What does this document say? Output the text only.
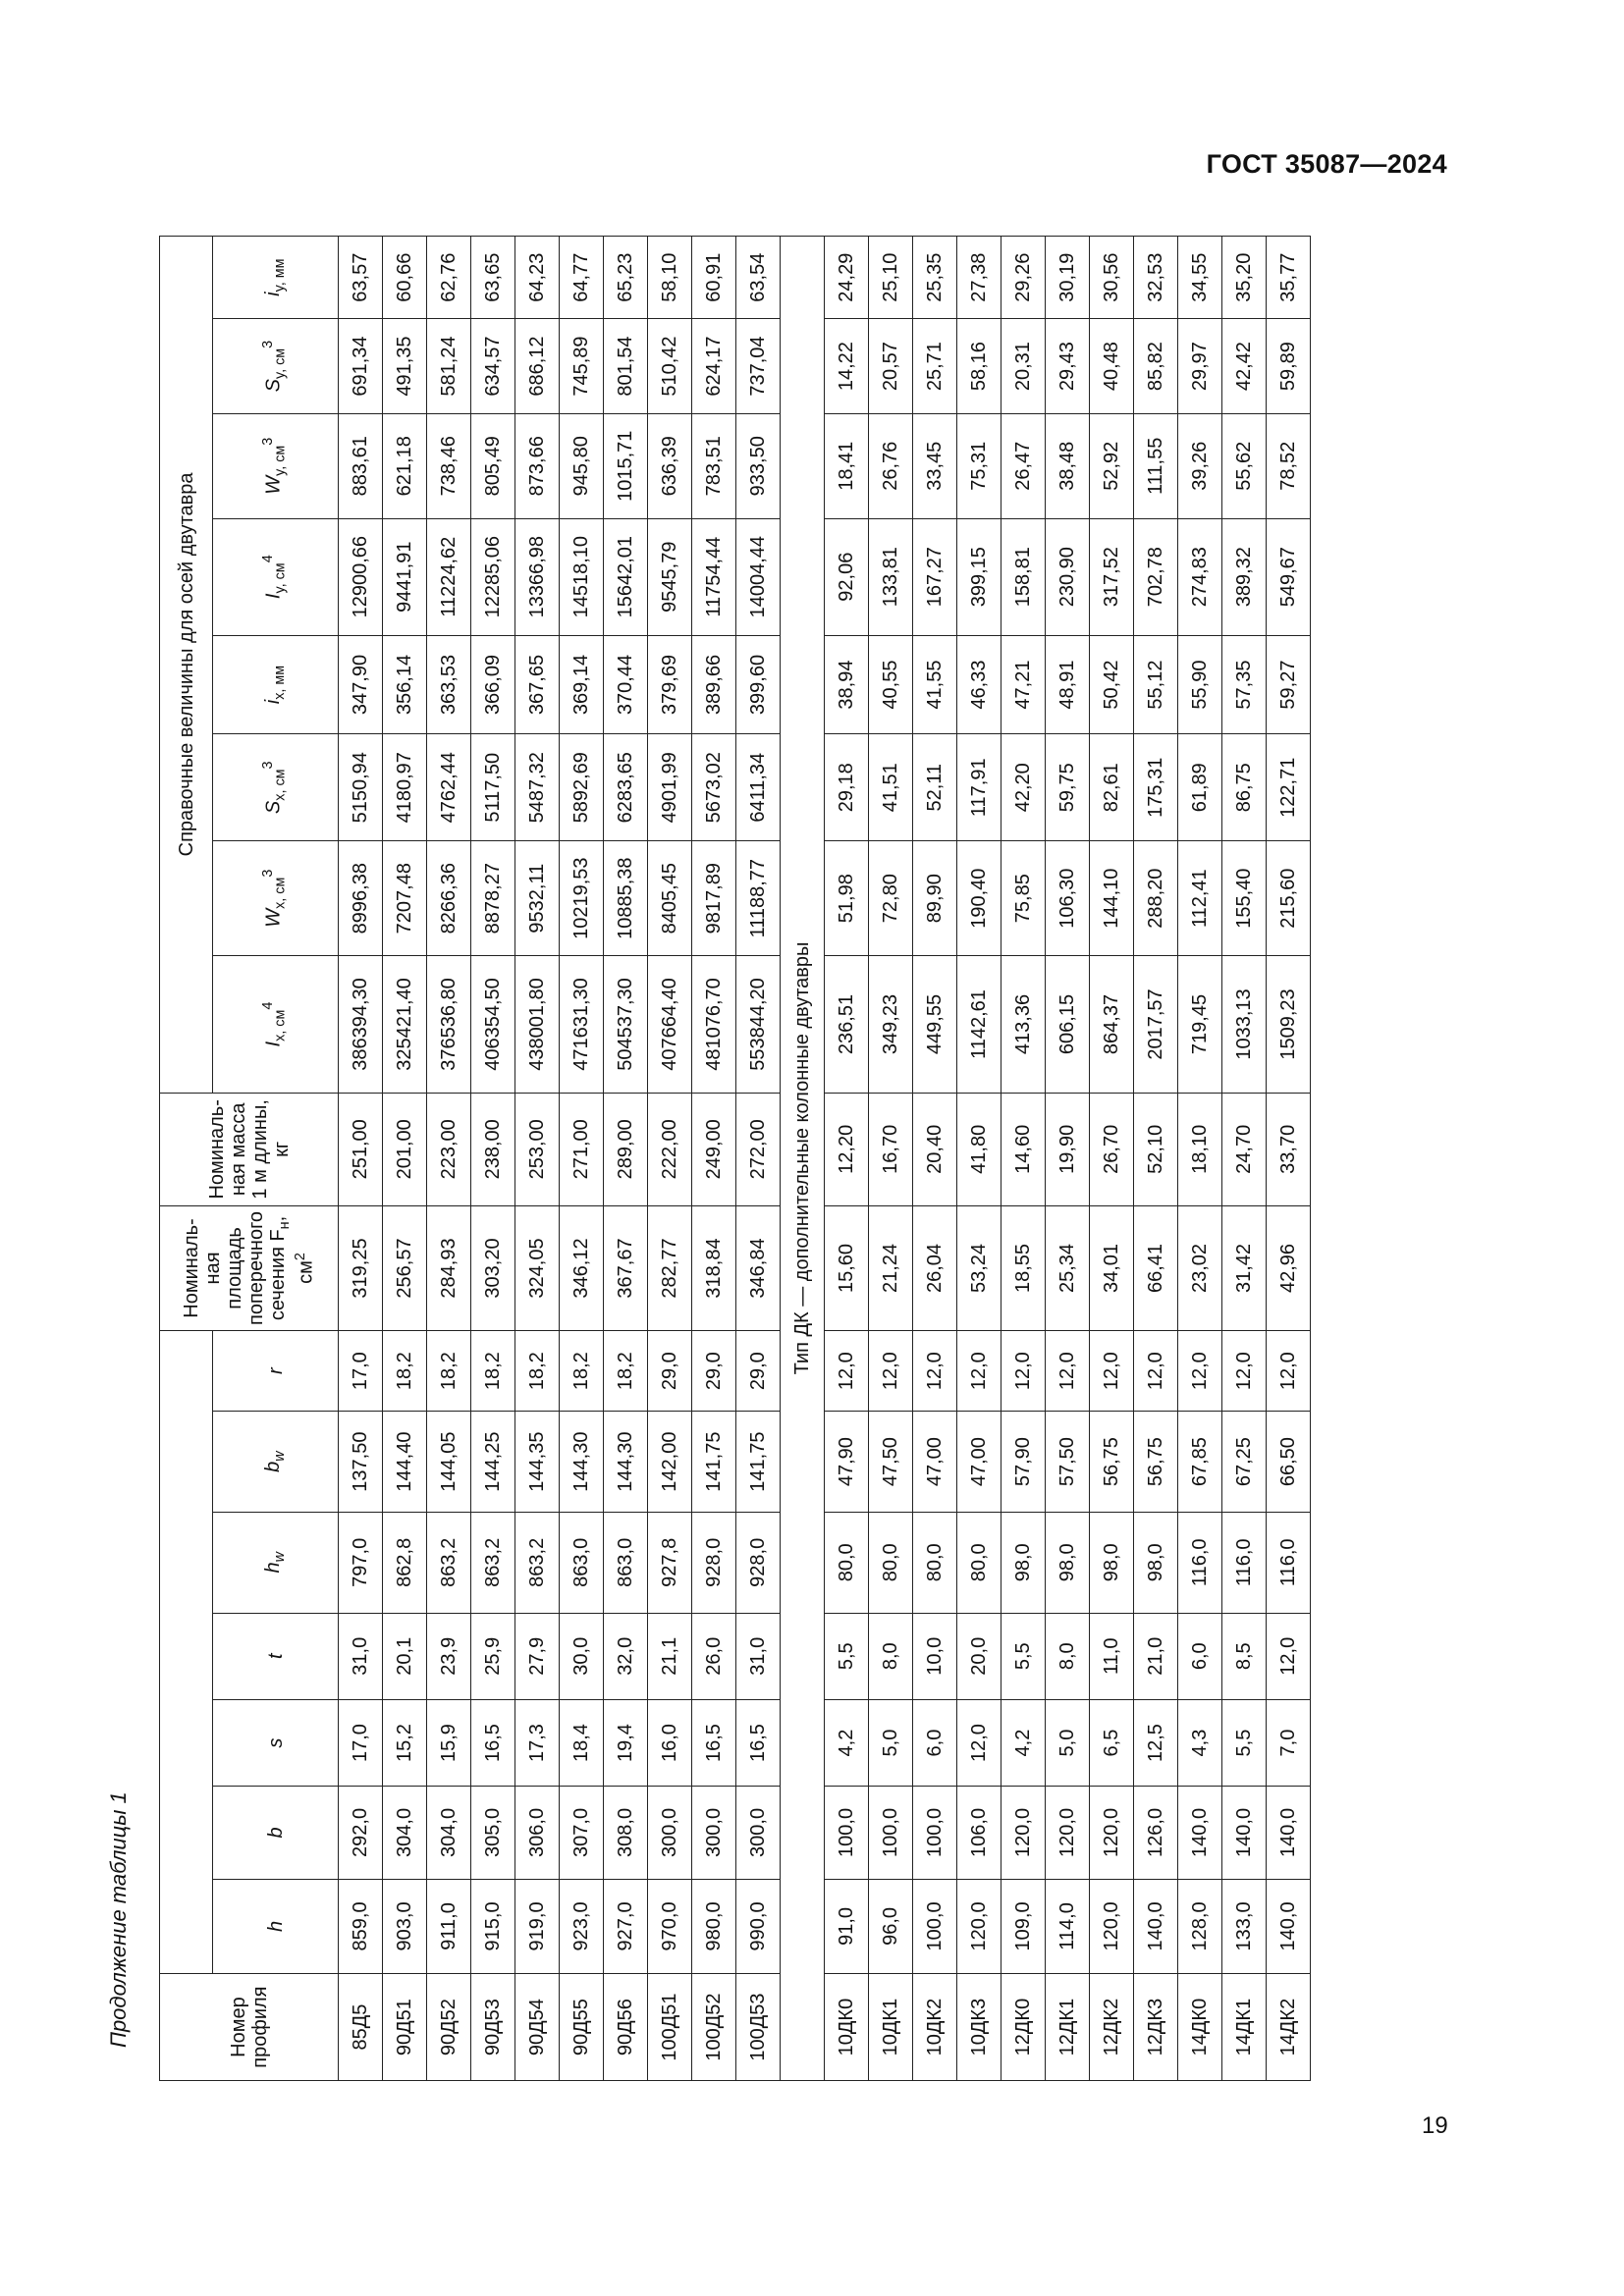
ГОСТ 35087—2024
Продолжение таблицы 1	Номер профиля								Номинальная площадь поперечного сечения $F_н$, $см^2$	Номинальная масса 1 м длины, кг	Справочные величины для осей двутавра							
	h	b	s	t	$h_w$	$b_w$	r			$I_{x, см}^4$	$W_{x, см}^3$	$S_{x, см}^3$	$i_{x, мм}$	$I_{y, см}^4$	$W_{y, см}^3$	$S_{y, см}^3$	$i_{y, мм}$
85Д5	859,0	292,0	17,0	31,0	797,0	137,50	17,0	319,25	251,00	386394,30	8996,38	5150,94	347,90	12900,66	883,61	691,34	63,57
90Д51	903,0	304,0	15,2	20,1	862,8	144,40	18,2	256,57	201,00	325421,40	7207,48	4180,97	356,14	9441,91	621,18	491,35	60,66
90Д52	911,0	304,0	15,9	23,9	863,2	144,05	18,2	284,93	223,00	376536,80	8266,36	4762,44	363,53	11224,62	738,46	581,24	62,76
90Д53	915,0	305,0	16,5	25,9	863,2	144,25	18,2	303,20	238,00	406354,50	8878,27	5117,50	366,09	12285,06	805,49	634,57	63,65
90Д54	919,0	306,0	17,3	27,9	863,2	144,35	18,2	324,05	253,00	438001,80	9532,11	5487,32	367,65	13366,98	873,66	686,12	64,23
90Д55	923,0	307,0	18,4	30,0	863,0	144,30	18,2	346,12	271,00	471631,30	10219,53	5892,69	369,14	14518,10	945,80	745,89	64,77
90Д56	927,0	308,0	19,4	32,0	863,0	144,30	18,2	367,67	289,00	504537,30	10885,38	6283,65	370,44	15642,01	1015,71	801,54	65,23
100Д51	970,0	300,0	16,0	21,1	927,8	142,00	29,0	282,77	222,00	407664,40	8405,45	4901,99	379,69	9545,79	636,39	510,42	58,10
100Д52	980,0	300,0	16,5	26,0	928,0	141,75	29,0	318,84	249,00	481076,70	9817,89	5673,02	389,66	11754,44	783,51	624,17	60,91
100Д53	990,0	300,0	16,5	31,0	928,0	141,75	29,0	346,84	272,00	553844,20	11188,77	6411,34	399,60	14004,44	933,50	737,04	63,54
Тип ДК — дополнительные колонные двутавры																	
10ДК0	91,0	100,0	4,2	5,5	80,0	47,90	12,0	15,60	12,20	236,51	51,98	29,18	38,94	92,06	18,41	14,22	24,29
10ДК1	96,0	100,0	5,0	8,0	80,0	47,50	12,0	21,24	16,70	349,23	72,80	41,51	40,55	133,81	26,76	20,57	25,10
10ДК2	100,0	100,0	6,0	10,0	80,0	47,00	12,0	26,04	20,40	449,55	89,90	52,11	41,55	167,27	33,45	25,71	25,35
10ДК3	120,0	106,0	12,0	20,0	80,0	47,00	12,0	53,24	41,80	1142,61	190,40	117,91	46,33	399,15	75,31	58,16	27,38
12ДК0	109,0	120,0	4,2	5,5	98,0	57,90	12,0	18,55	14,60	413,36	75,85	42,20	47,21	158,81	26,47	20,31	29,26
12ДК1	114,0	120,0	5,0	8,0	98,0	57,50	12,0	25,34	19,90	606,15	106,30	59,75	48,91	230,90	38,48	29,43	30,19
12ДК2	120,0	120,0	6,5	11,0	98,0	56,75	12,0	34,01	26,70	864,37	144,10	82,61	50,42	317,52	52,92	40,48	30,56
12ДК3	140,0	126,0	12,5	21,0	98,0	56,75	12,0	66,41	52,10	2017,57	288,20	175,31	55,12	702,78	111,55	85,82	32,53
14ДК0	128,0	140,0	4,3	6,0	116,0	67,85	12,0	23,02	18,10	719,45	112,41	61,89	55,90	274,83	39,26	29,97	34,55
14ДК1	133,0	140,0	5,5	8,5	116,0	67,25	12,0	31,42	24,70	1033,13	155,40	86,75	57,35	389,32	55,62	42,42	35,20
14ДК2	140,0	140,0	7,0	12,0	116,0	66,50	12,0	42,96	33,70	1509,23	215,60	122,71	59,27	549,67	78,52	59,89	35,77
19
